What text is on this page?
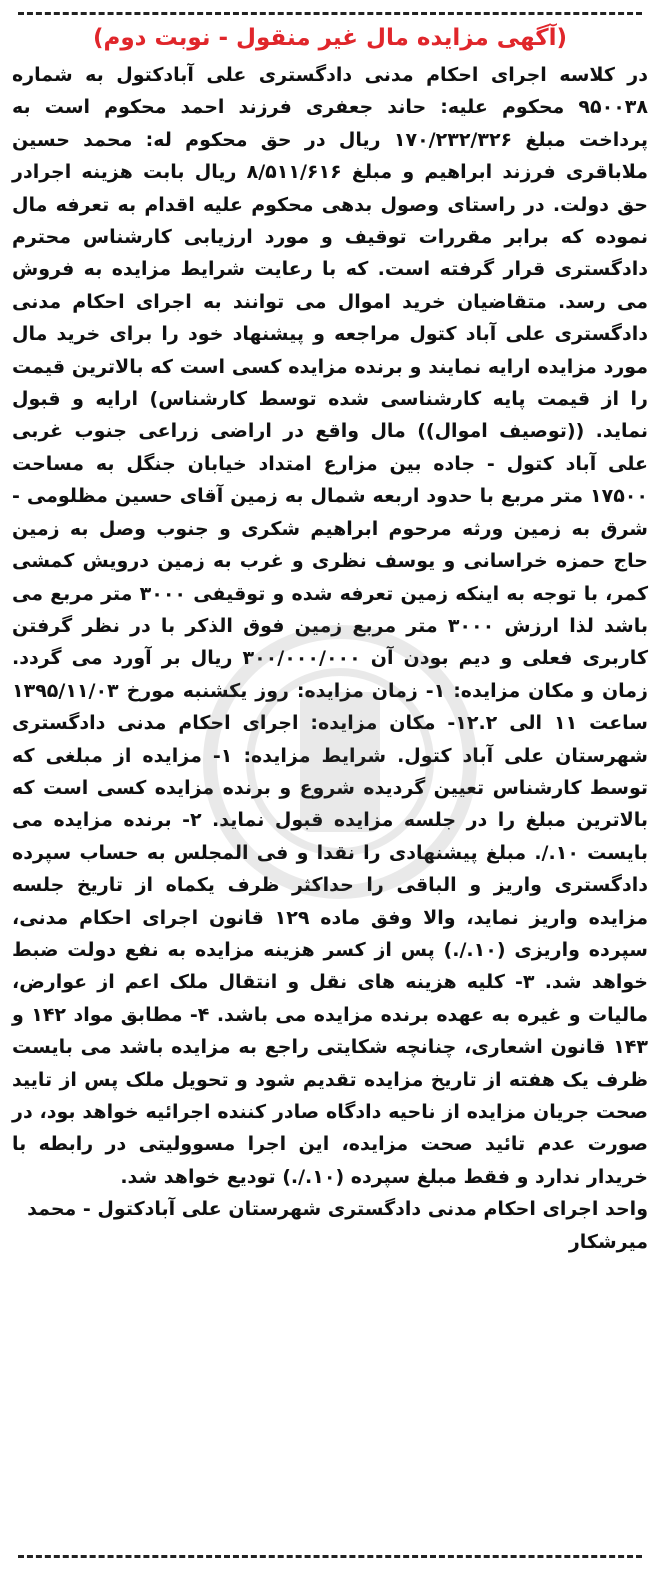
(آگهی مزایده مال غیر منقول - نوبت دوم)

در کلاسه اجرای احکام مدنی دادگستری علی آبادکتول به شماره ۹۵۰۰۳۸ محکوم علیه: حاند جعفری فرزند احمد محکوم است به پرداخت مبلغ ۱۷۰/۲۳۲/۳۲۶ ریال در حق محکوم له: محمد حسین ملاباقری فرزند ابراهیم و مبلغ ۸/۵۱۱/۶۱۶ ریال بابت هزینه اجرادر حق دولت. در راستای وصول بدهی محکوم علیه اقدام به تعرفه مال نموده که برابر مقررات توقیف و مورد ارزیابی کارشناس محترم دادگستری قرار گرفته است. که با رعایت شرایط مزایده به فروش می رسد. متقاضیان خرید اموال می توانند به اجرای احکام مدنی دادگستری علی آباد کتول مراجعه و پیشنهاد خود را برای خرید مال مورد مزایده ارایه نمایند و برنده مزایده کسی است که بالاترین قیمت را از قیمت پایه کارشناسی شده توسط کارشناس) ارایه و قبول نماید. ((توصیف اموال)) مال واقع در اراضی زراعی جنوب غربی علی آباد کتول - جاده بین مزارع امتداد خیابان جنگل به مساحت ۱۷۵۰۰ متر مربع با حدود اربعه شمال به زمین آقای حسین مظلومی - شرق به زمین ورثه مرحوم ابراهیم شکری و جنوب وصل به زمین حاج حمزه خراسانی و یوسف نظری و غرب به زمین درویش کمشی کمر، با توجه به اینکه زمین تعرفه شده و توقیفی ۳۰۰۰ متر مربع می باشد لذا ارزش ۳۰۰۰ متر مربع زمین فوق الذکر با در نظر گرفتن کاربری فعلی و دیم بودن آن ۳۰۰/۰۰۰/۰۰۰ ریال بر آورد می گردد. زمان و مکان مزایده: ۱- زمان مزایده: روز یکشنبه مورخ ۱۳۹۵/۱۱/۰۳ ساعت ۱۱ الی ۱۲.۲- مکان مزایده: اجرای احکام مدنی دادگستری شهرستان علی آباد کتول. شرایط مزایده: ۱- مزایده از مبلغی که توسط کارشناس تعیین گردیده شروع و برنده مزایده کسی است که بالاترین مبلغ را در جلسه مزایده قبول نماید. ۲- برنده مزایده می بایست ۱۰./. مبلغ پیشنهادی را نقدا و فی المجلس به حساب سپرده دادگستری واریز و الباقی را حداکثر ظرف یکماه از تاریخ جلسه مزایده واریز نماید، والا وفق ماده ۱۲۹ قانون اجرای احکام مدنی، سپرده واریزی (۱۰./.) پس از کسر هزینه مزایده به نفع دولت ضبط خواهد شد. ۳- کلیه هزینه های نقل و انتقال ملک اعم از عوارض، مالیات و غیره به عهده برنده مزایده می باشد. ۴- مطابق مواد ۱۴۲ و ۱۴۳ قانون اشعاری، چنانچه شکایتی راجع به مزایده باشد می بایست ظرف یک هفته از تاریخ مزایده تقدیم شود و تحویل ملک پس از تایید صحت جریان مزایده از ناحیه دادگاه صادر کننده اجرائیه خواهد بود، در صورت عدم تائید صحت مزایده، این اجرا مسوولیتی در رابطه با خریدار ندارد و فقط مبلغ سپرده (۱۰./.) تودیع خواهد شد.

واحد اجرای احکام مدنی دادگستری شهرستان علی آبادکتول - محمد میرشکار
